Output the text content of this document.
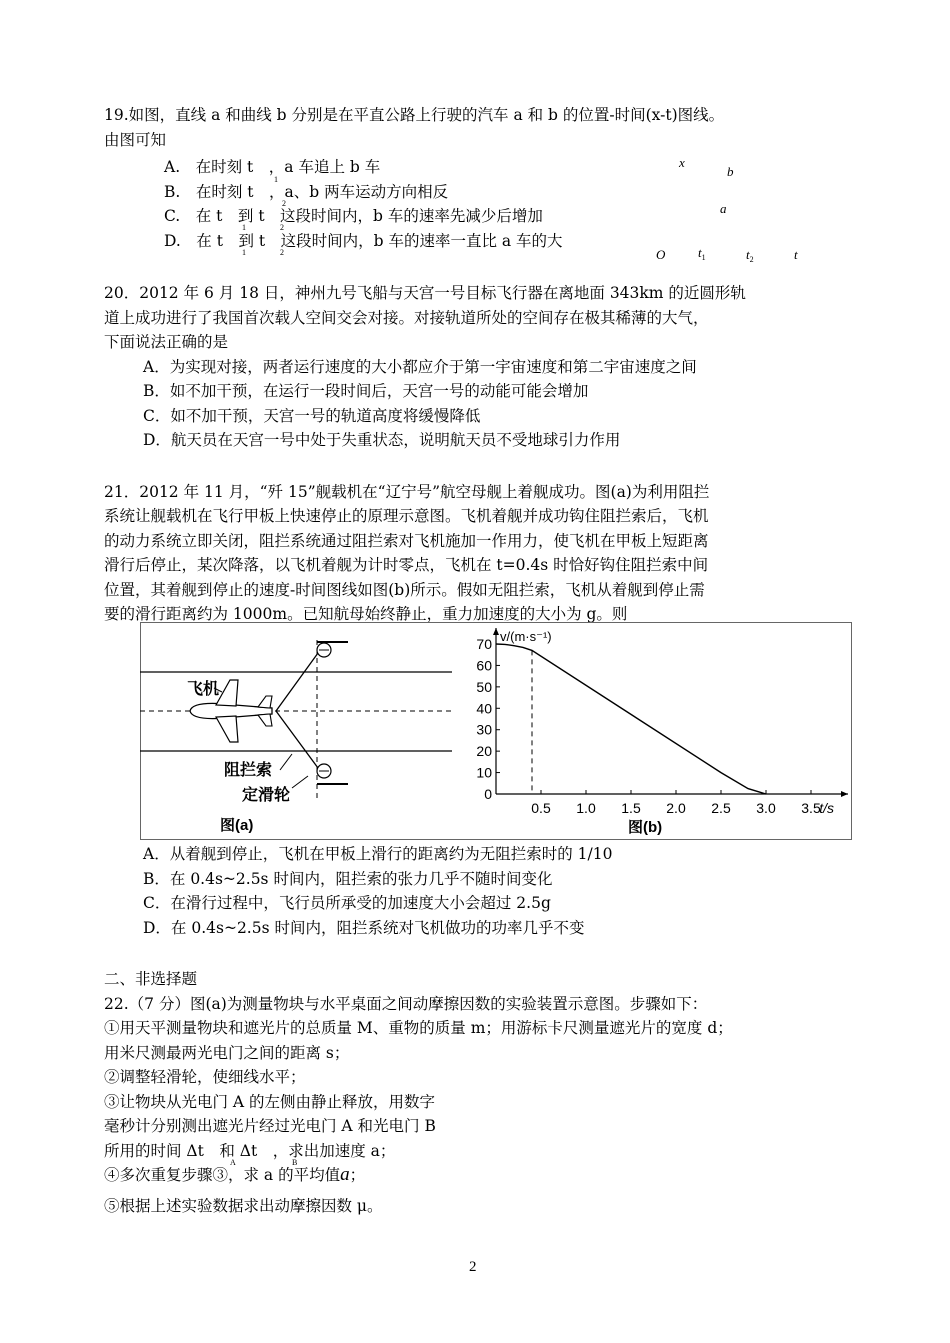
19.如图，直线 a 和曲线 b 分别是在平直公路上行驶的汽车 a 和 b 的位置-时间(x-t)图线。
由图可知
A.　在时刻 t　，a 车追上 b 车
B.　在时刻 t　，a、b 两车运动方向相反
C.　在 t　到 t　这段时间内，b 车的速率先减少后增加
D.　在 t　到 t　这段时间内，b 车的速率一直比 a 车的大
1
2
1	2
1	2
x
b
a
O	$t_1$	$t_2$	t
20．2012 年 6 月 18 日，神州九号飞船与天宫一号目标飞行器在离地面 343km 的近圆形轨
道上成功进行了我国首次载人空间交会对接。对接轨道所处的空间存在极其稀薄的大气，
下面说法正确的是
A．为实现对接，两者运行速度的大小都应介于第一宇宙速度和第二宇宙速度之间
B．如不加干预，在运行一段时间后，天宫一号的动能可能会增加
C．如不加干预，天宫一号的轨道高度将缓慢降低
D．航天员在天宫一号中处于失重状态，说明航天员不受地球引力作用
21．2012 年 11 月，“歼 15”舰载机在“辽宁号”航空母舰上着舰成功。图(a)为利用阻拦
系统让舰载机在飞行甲板上快速停止的原理示意图。飞机着舰并成功钩住阻拦索后，飞机
的动力系统立即关闭，阻拦系统通过阻拦索对飞机施加一作用力，使飞机在甲板上短距离
滑行后停止，某次降落，以飞机着舰为计时零点，飞机在 t=0.4s 时恰好钩住阻拦索中间
位置，其着舰到停止的速度-时间图线如图(b)所示。假如无阻拦索，飞机从着舰到停止需
要的滑行距离约为 1000m。已知航母始终静止，重力加速度的大小为 g。则
飞机
阻拦索
定滑轮
图(a)
0
10
20
30
40
50
60
70
0.5 1.0 1.5 2.0 2.5 3.0 3.5
t/s
v/(m·s⁻¹)
图(b)
A．从着舰到停止，飞机在甲板上滑行的距离约为无阻拦索时的 1/10
B．在 0.4s~2.5s 时间内，阻拦索的张力几乎不随时间变化
C．在滑行过程中，飞行员所承受的加速度大小会超过 2.5g
D．在 0.4s~2.5s 时间内，阻拦系统对飞机做功的功率几乎不变
二、非选择题
22.（7 分）图(a)为测量物块与水平桌面之间动摩擦因数的实验装置示意图。步骤如下：
①用天平测量物块和遮光片的总质量 M、重物的质量 m；用游标卡尺测量遮光片的宽度 d；
用米尺测最两光电门之间的距离 s；
②调整轻滑轮，使细线水平；
③让物块从光电门 A 的左侧由静止释放，用数字
毫秒计分别测出遮光片经过光电门 A 和光电门 B
所用的时间 Δt　和 Δt　，求出加速度 a；
A	B
④多次重复步骤③，求 a 的平均值a；
⑤根据上述实验数据求出动摩擦因数 μ。
2
